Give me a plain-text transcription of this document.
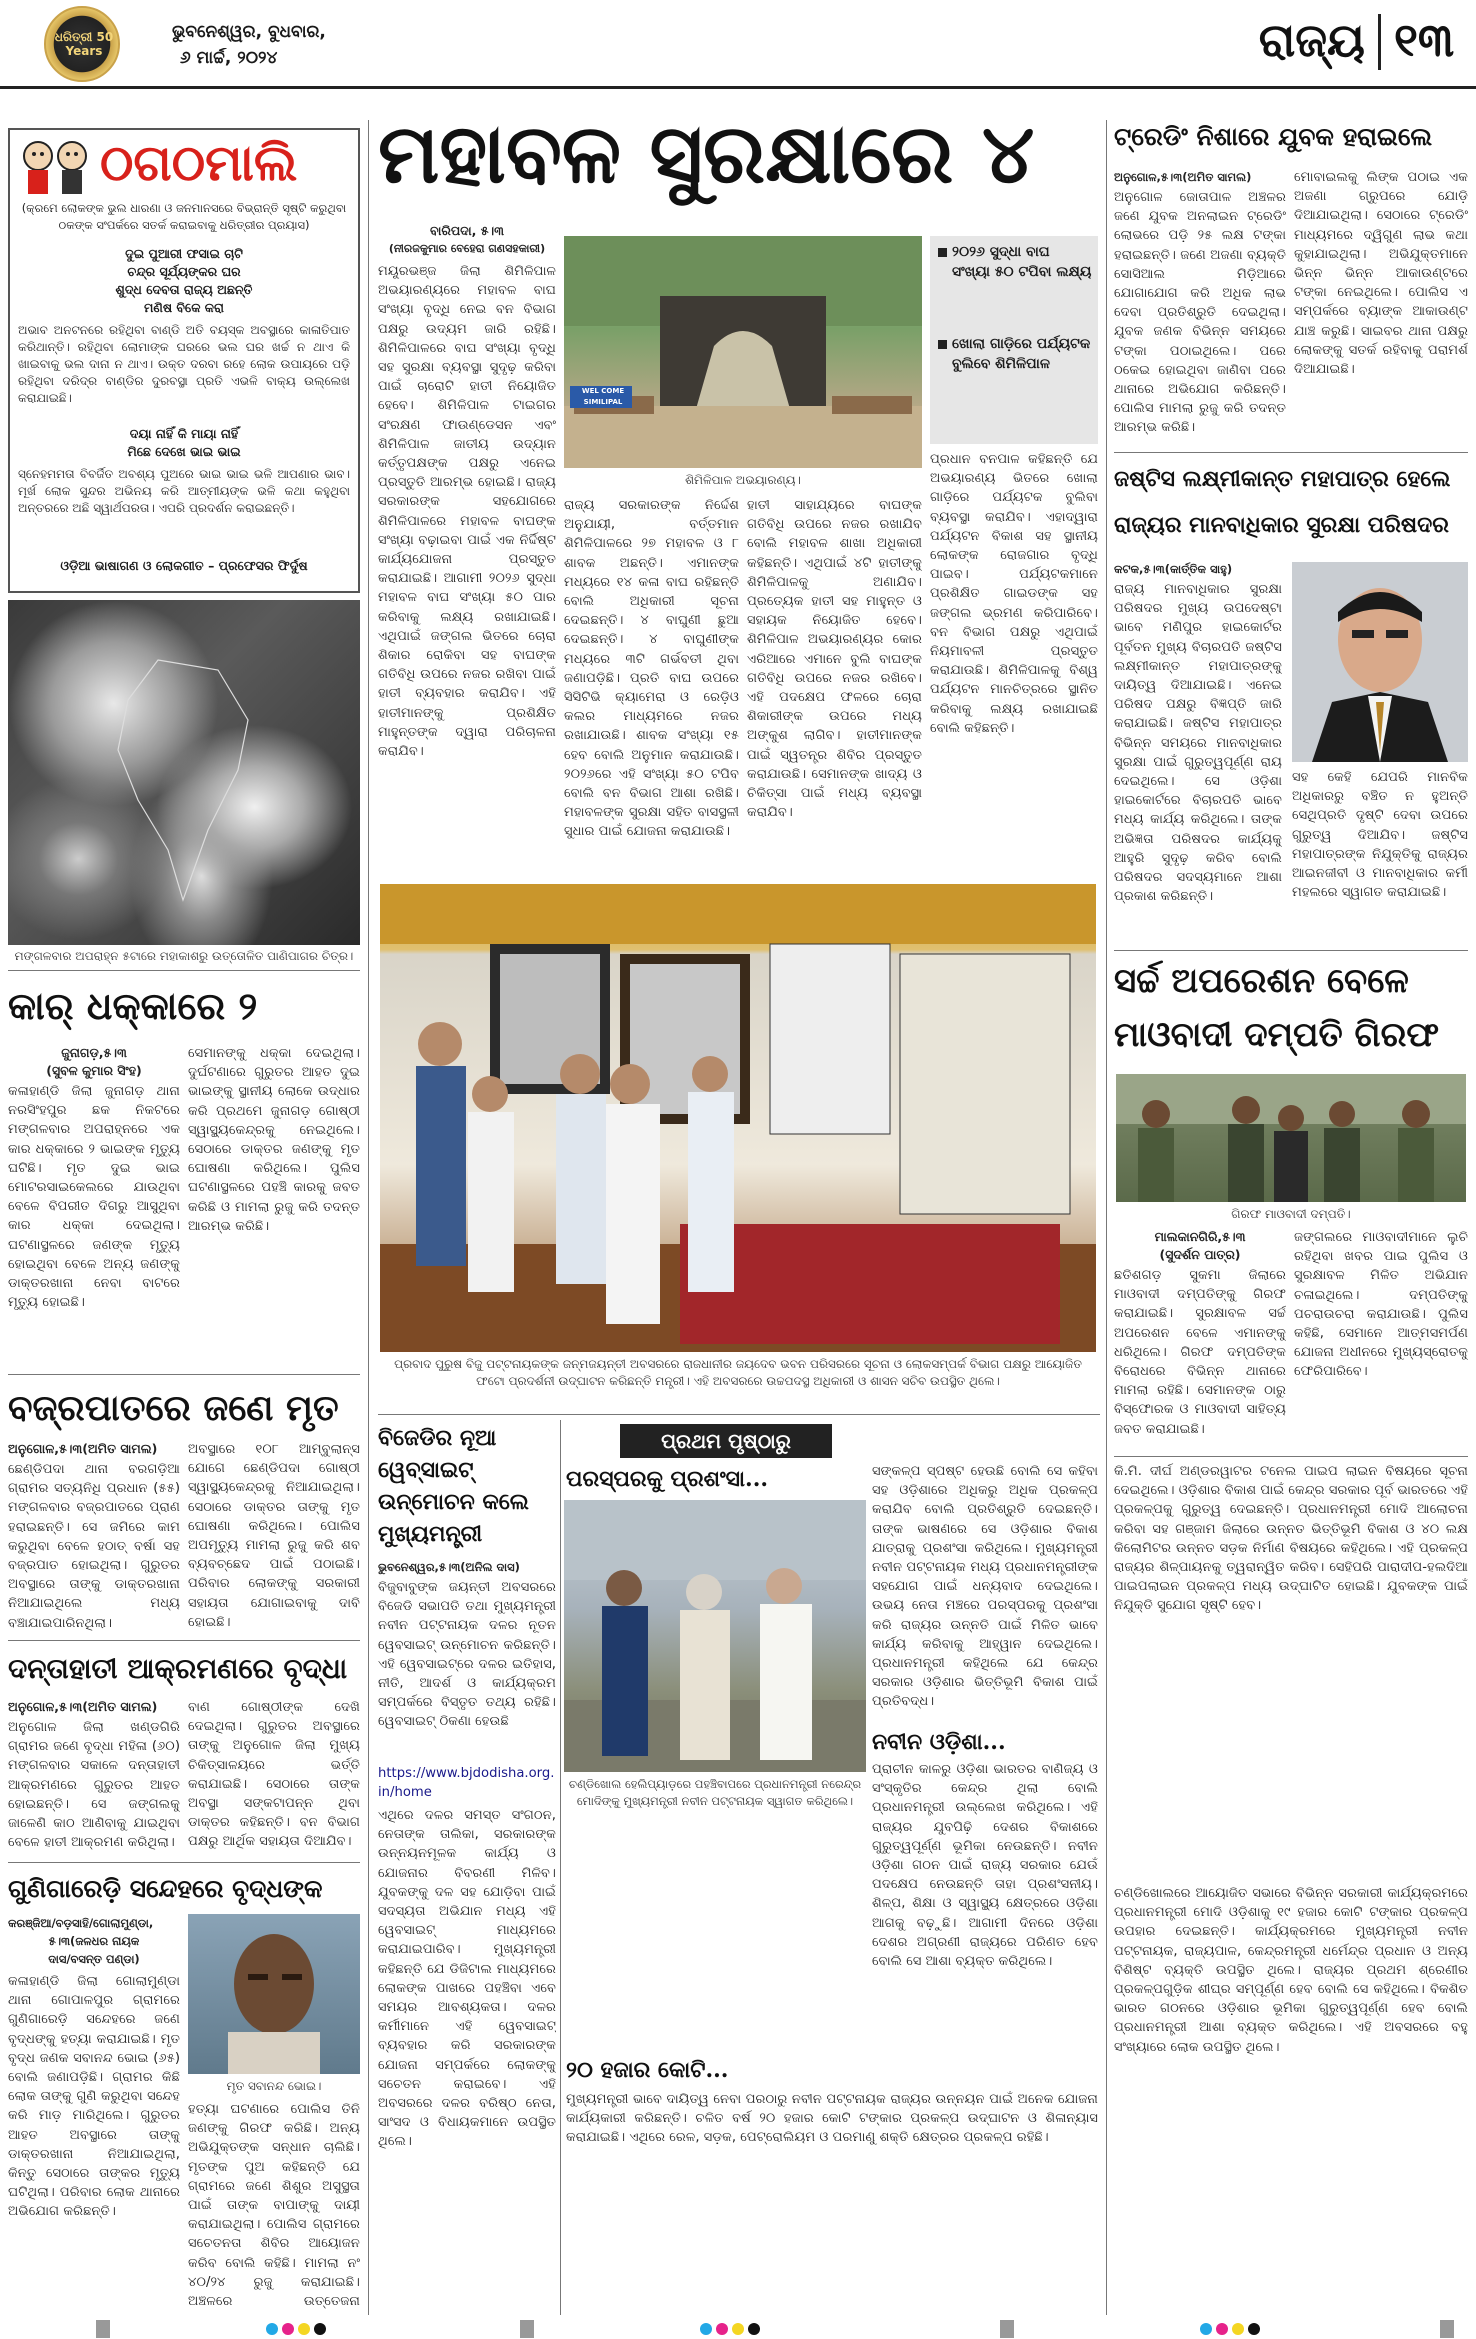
ଧରିତ୍ରୀ 50 Years
ଭୁବନେଶ୍ୱର, ବୁଧବାର,
୬ ମାର୍ଚ୍ଚ, ୨୦୨୪	ରାଜ୍ୟ ୧୩
ଠଗଠମାଲି
(କ୍ରମେ ଲୋକଙ୍କ ଭୁଲ ଧାରଣା ଓ ଜନମାନସରେ ବିଭ୍ରାନ୍ତି ସୃଷ୍ଟି କରୁଥିବା ଠକଙ୍କ ସଂପର୍କରେ ସତର୍କ କରାଇବାକୁ ଧରିତ୍ରୀର ପ୍ରୟାସ)
ଦୁଇ ପୁଆରୀ ଫସାଇ ଚାଟି
ଚନ୍ଦ୍ର ସୂର୍ଯ୍ୟଙ୍କର ଘର
ଶୁଦ୍ଧ ଦେବତା ରାଜ୍ୟ ଅଛନ୍ତି
ମଣିଷ ବିକେ କରା
ଅଭାବ ଅନଟନରେ ରହିଥିବା ବାଣ୍ଡି ଅତି ବୟସ୍କ ଅବସ୍ଥାରେ କାଳାତିପାତ କରିଥାନ୍ତି। ରହିଥିବା ଲୋମାଙ୍କ ଘରରେ ଭଲ ଘର ଖର୍ଚ୍ଚ ନ ଥାଏ କି ଖାଇବାକୁ ଭଲ ଦାନା ନ ଥାଏ। ଉକ୍ତ ଦରବା ରହେ ଲୋକ ଉପାୟରେ ପଡ଼ି ରହିଥିବା ଦରିଦ୍ର ବାଣ୍ଡିର ଦୁରବସ୍ଥା ପ୍ରତି ଏଭଳି ବାକ୍ୟ ଉଲ୍ଲେଖ କରାଯାଇଛି।
ଦୟା ନାହିଁ କି ମାୟା ନାହିଁ
ମିଛେ ଦେଖେ ଭାଇ ଭାଇ
ସ୍ନେହମମତା ବିବର୍ଜିତ ଅବଶ୍ୟ ପୁଅରେ ଭାଇ ଭାଇ ଭଳି ଆପଣାର ଭାବ। ମୂର୍ଖ ଲୋକ ସୁନ୍ଦର ଅଭିନୟ କରି ଆତ୍ମୀୟଙ୍କ ଭଳି କଥା କହୁଥିବା ଅନ୍ତରରେ ଅଛି ସ୍ୱାର୍ଥପରତା। ଏପରି ପ୍ରଦର୍ଶନ କରାଇଛନ୍ତି।
ଓଡ଼ିଆ ଭାଷାଗଣ ଓ ଲୋକଗୀତ – ପ୍ରଫେସର ଫିର୍ଦୁଷ
ମଙ୍ଗଳବାର ଅପରାହ୍ନ ୫ଟାରେ ମହାକାଶରୁ ଉତ୍ତୋଳିତ ପାଣିପାଗର ଚିତ୍ର।
କାର୍ ଧକ୍କାରେ ୨
ଜୁନାଗଡ଼,୫।୩
(ସୁବଳ କୁମାର ସିଂହ)
କଳାହାଣ୍ଡି ଜିଲା ଜୁନାଗଡ଼ ଥାନା ନରସିଂହପୁର ଛକ ନିକଟରେ ମଙ୍ଗଳବାର ଅପରାହ୍ନରେ ଏକ କାର ଧକ୍କାରେ ୨ ଭାଇଙ୍କ ମୃତ୍ୟୁ ଘଟିଛି। ମୃତ ଦୁଇ ଭାଇ ମୋଟରସାଇକେଲରେ ଯାଉଥିବା ବେଳେ ବିପରୀତ ଦିଗରୁ ଆସୁଥିବା କାର ଧକ୍କା ଦେଇଥିଲା। ଘଟଣାସ୍ଥଳରେ ଜଣଙ୍କ ମୃତ୍ୟୁ ହୋଇଥିବା ବେଳେ ଅନ୍ୟ ଜଣଙ୍କୁ ଡାକ୍ତରଖାନା ନେବା ବାଟରେ ମୃତ୍ୟୁ ହୋଇଛି।
ସେମାନଙ୍କୁ ଧକ୍କା ଦେଇଥିଲା। ଦୁର୍ଘଟଣାରେ ଗୁରୁତର ଆହତ ଦୁଇ ଭାଇଙ୍କୁ ସ୍ଥାନୀୟ ଲୋକେ ଉଦ୍ଧାର କରି ପ୍ରଥମେ ଜୁନାଗଡ଼ ଗୋଷ୍ଠୀ ସ୍ୱାସ୍ଥ୍ୟକେନ୍ଦ୍ରକୁ ନେଇଥିଲେ। ସେଠାରେ ଡାକ୍ତର ଜଣଙ୍କୁ ମୃତ ଘୋଷଣା କରିଥିଲେ। ପୁଲିସ ଘଟଣାସ୍ଥଳରେ ପହଞ୍ଚି କାରକୁ ଜବତ କରିଛି ଓ ମାମଲା ରୁଜୁ କରି ତଦନ୍ତ ଆରମ୍ଭ କରିଛି।
ବଜ୍ରପାତରେ ଜଣେ ମୃତ
ଅନୁଗୋଳ,୫।୩(ଅମିତ ସାମଲ)
ଛେଣ୍ଡିପଦା ଥାନା ବରଗଡ଼ିଆ ଗ୍ରାମର ସତ୍ୟନିଧି ପ୍ରଧାନ (୫୫) ମଙ୍ଗଳବାର ବଜ୍ରପାତରେ ପ୍ରାଣ ହରାଇଛନ୍ତି। ସେ ଜମିରେ କାମ କରୁଥିବା ବେଳେ ହଠାତ୍ ବର୍ଷା ସହ ବଜ୍ରପାତ ହୋଇଥିଲା। ଗୁରୁତର ଅବସ୍ଥାରେ ତାଙ୍କୁ ଡାକ୍ତରଖାନା ନିଆଯାଇଥିଲେ ମଧ୍ୟ ବଞ୍ଚାଯାଇପାରିନଥିଲା।
ଅବସ୍ଥାରେ ୧୦୮ ଆମ୍ବୁଲାନ୍ସ ଯୋଗେ ଛେଣ୍ଡିପଦା ଗୋଷ୍ଠୀ ସ୍ୱାସ୍ଥ୍ୟକେନ୍ଦ୍ରକୁ ନିଆଯାଇଥିଲା। ସେଠାରେ ଡାକ୍ତର ତାଙ୍କୁ ମୃତ ଘୋଷଣା କରିଥିଲେ। ପୋଲିସ ଅପମୃତ୍ୟୁ ମାମଲା ରୁଜୁ କରି ଶବ ବ୍ୟବଚ୍ଛେଦ ପାଇଁ ପଠାଇଛି। ପରିବାର ଲୋକଙ୍କୁ ସରକାରୀ ସହାୟତା ଯୋଗାଇବାକୁ ଦାବି ହୋଇଛି।
ଦନ୍ତାହାତୀ ଆକ୍ରମଣରେ ବୃଦ୍ଧା
ଅନୁଗୋଳ,୫।୩(ଅମିତ ସାମଲ)
ଅନୁଗୋଳ ଜିଲା ଖଣ୍ଡଗିରି ଗ୍ରାମର ଜଣେ ବୃଦ୍ଧା ମହିଳା (୬୦) ମଙ୍ଗଳବାର ସକାଳେ ଦନ୍ତାହାତୀ ଆକ୍ରମଣରେ ଗୁରୁତର ଆହତ ହୋଇଛନ୍ତି। ସେ ଜଙ୍ଗଲକୁ ଜାଳେଣି କାଠ ଆଣିବାକୁ ଯାଇଥିବା ବେଳେ ହାତୀ ଆକ୍ରମଣ କରିଥିଲା।
ବାଣ ଗୋଷ୍ଠୀଙ୍କ ଦେଖି ଦେଇଥିଲା। ଗୁରୁତର ଅବସ୍ଥାରେ ତାଙ୍କୁ ଅନୁଗୋଳ ଜିଲା ମୁଖ୍ୟ ଚିକିତ୍ସାଳୟରେ ଭର୍ତ୍ତି କରାଯାଇଛି। ସେଠାରେ ତାଙ୍କ ଅବସ୍ଥା ସଙ୍କଟାପନ୍ନ ଥିବା ଡାକ୍ତର କହିଛନ୍ତି। ବନ ବିଭାଗ ପକ୍ଷରୁ ଆର୍ଥିକ ସହାୟତା ଦିଆଯିବ।
ଗୁଣିଗାରେଡ଼ି ସନ୍ଦେହରେ ବୃଦ୍ଧଙ୍କ
କରଞ୍ଜିଆ/ବଡ଼ସାହି/ଗୋଲାମୁଣ୍ଡା,
୫।୩(ଜଳଧର ନାୟକ
ଦାସ/ବସନ୍ତ ପଣ୍ଡା)
କଳାହାଣ୍ଡି ଜିଲା ଗୋଲାମୁଣ୍ଡା ଥାନା ଗୋପାଳପୁର ଗ୍ରାମରେ ଗୁଣିଗାରେଡ଼ି ସନ୍ଦେହରେ ଜଣେ ବୃଦ୍ଧଙ୍କୁ ହତ୍ୟା କରାଯାଇଛି। ମୃତ ବୃଦ୍ଧ ଜଣକ ସବାନନ୍ଦ ଭୋଇ (୬୫) ବୋଲି ଜଣାପଡ଼ିଛି। ଗ୍ରାମର କିଛି ଲୋକ ତାଙ୍କୁ ଗୁଣି କରୁଥିବା ସନ୍ଦେହ କରି ମାଡ଼ ମାରିଥିଲେ। ଗୁରୁତର ଆହତ ଅବସ୍ଥାରେ ତାଙ୍କୁ ଡାକ୍ତରଖାନା ନିଆଯାଇଥିଲା, କିନ୍ତୁ ସେଠାରେ ତାଙ୍କର ମୃତ୍ୟୁ ଘଟିଥିଲା। ପରିବାର ଲୋକ ଥାନାରେ ଅଭିଯୋଗ କରିଛନ୍ତି।
ମୃତ ସବାନନ୍ଦ ଭୋଇ।
ହତ୍ୟା ଘଟଣାରେ ପୋଲିସ ତିନି ଜଣଙ୍କୁ ଗିରଫ କରିଛି। ଅନ୍ୟ ଅଭିଯୁକ୍ତଙ୍କ ସନ୍ଧାନ ଚାଲିଛି। ମୃତଙ୍କ ପୁଅ କହିଛନ୍ତି ଯେ ଗ୍ରାମରେ ଜଣେ ଶିଶୁର ଅସୁସ୍ଥତା ପାଇଁ ତାଙ୍କ ବାପାଙ୍କୁ ଦାୟୀ କରାଯାଇଥିଲା। ପୋଲିସ ଗ୍ରାମରେ ସଚେତନତା ଶିବିର ଆୟୋଜନ କରିବ ବୋଲି କହିଛି। ମାମଲା ନଂ ୪୦/୨୪ ରୁଜୁ କରାଯାଇଛି। ଅଞ୍ଚଳରେ ଉତ୍ତେଜନା
ମହାବଳ ସୁରକ୍ଷାରେ ୪
ବାରିପଦା, ୫।୩
(ନୀରଜକୁମାର ବେହେରା ଗଣସହକାରୀ)
ମୟୂରଭଞ୍ଜ ଜିଲା ଶିମିଳିପାଳ ଅଭୟାରଣ୍ୟରେ ମହାବଳ ବାଘ ସଂଖ୍ୟା ବୃଦ୍ଧି ନେଇ ବନ ବିଭାଗ ପକ୍ଷରୁ ଉଦ୍ୟମ ଜାରି ରହିଛି। ଶିମିଳିପାଳରେ ବାଘ ସଂଖ୍ୟା ବୃଦ୍ଧି ସହ ସୁରକ୍ଷା ବ୍ୟବସ୍ଥା ସୁଦୃଢ଼ କରିବା ପାଇଁ ଚାରୋଟି ହାତୀ ନିୟୋଜିତ ହେବେ। ଶିମିଳିପାଳ ଟାଇଗର ସଂରକ୍ଷଣ ଫାଉଣ୍ଡେସନ ଏବଂ ଶିମିଳିପାଳ ଜାତୀୟ ଉଦ୍ୟାନ କର୍ତ୍ତୃପକ୍ଷଙ୍କ ପକ୍ଷରୁ ଏନେଇ ପ୍ରସ୍ତୁତି ଆରମ୍ଭ ହୋଇଛି। ରାଜ୍ୟ ସରକାରଙ୍କ ସହଯୋଗରେ ଶିମିଳିପାଳରେ ମହାବଳ ବାଘଙ୍କ ସଂଖ୍ୟା ବଢ଼ାଇବା ପାଇଁ ଏକ ନିର୍ଦ୍ଦିଷ୍ଟ କାର୍ଯ୍ୟଯୋଜନା ପ୍ରସ୍ତୁତ କରାଯାଇଛି। ଆଗାମୀ ୨୦୨୬ ସୁଦ୍ଧା ମହାବଳ ବାଘ ସଂଖ୍ୟା ୫୦ ପାର କରିବାକୁ ଲକ୍ଷ୍ୟ ରଖାଯାଇଛି। ଏଥିପାଇଁ ଜଙ୍ଗଲ ଭିତରେ ଚୋରା ଶିକାର ରୋକିବା ସହ ବାଘଙ୍କ ଗତିବିଧି ଉପରେ ନଜର ରଖିବା ପାଇଁ ହାତୀ ବ୍ୟବହାର କରାଯିବ। ଏହି ହାତୀମାନଙ୍କୁ ପ୍ରଶିକ୍ଷିତ ମାହୁନ୍ତଙ୍କ ଦ୍ୱାରା ପରିଚାଳନା କରାଯିବ।
WEL COME SIMILIPAL
ଶିମିଳିପାଳ ଅଭୟାରଣ୍ୟ।
୨୦୨୬ ସୁଦ୍ଧା ବାଘ ସଂଖ୍ୟା ୫୦ ଟପିବା ଲକ୍ଷ୍ୟ
ଖୋଲା ଗାଡ଼ିରେ ପର୍ଯ୍ୟଟକ ବୁଲିବେ ଶିମିଳିପାଳ
ପ୍ରଧାନ ବନପାଳ କହିଛନ୍ତି ଯେ ଅଭୟାରଣ୍ୟ ଭିତରେ ଖୋଲା ଗାଡ଼ିରେ ପର୍ଯ୍ୟଟକ ବୁଲିବା ବ୍ୟବସ୍ଥା କରାଯିବ। ଏହାଦ୍ୱାରା ପର୍ଯ୍ୟଟନ ବିକାଶ ସହ ସ୍ଥାନୀୟ ଲୋକଙ୍କ ରୋଜଗାର ବୃଦ୍ଧି ପାଇବ। ପର୍ଯ୍ୟଟକମାନେ ପ୍ରଶିକ୍ଷିତ ଗାଇଡଙ୍କ ସହ ଜଙ୍ଗଲ ଭ୍ରମଣ କରିପାରିବେ। ବନ ବିଭାଗ ପକ୍ଷରୁ ଏଥିପାଇଁ ନିୟମାବଳୀ ପ୍ରସ୍ତୁତ କରାଯାଉଛି। ଶିମିଳିପାଳକୁ ବିଶ୍ୱ ପର୍ଯ୍ୟଟନ ମାନଚିତ୍ରରେ ସ୍ଥାନିତ କରିବାକୁ ଲକ୍ଷ୍ୟ ରଖାଯାଇଛି ବୋଲି କହିଛନ୍ତି।
ରାଜ୍ୟ ସରକାରଙ୍କ ନିର୍ଦ୍ଦେଶ ଅନୁଯାୟୀ, ବର୍ତ୍ତମାନ ଶିମିଳିପାଳରେ ୨୭ ମହାବଳ ଓ ୮ ଶାବକ ଅଛନ୍ତି। ଏମାନଙ୍କ ମଧ୍ୟରେ ୧୪ କଳା ବାଘ ରହିଛନ୍ତି ବୋଲି ଅଧିକାରୀ ସୂଚନା ଦେଇଛନ୍ତି। ୪ ବାଘୁଣୀ ଛୁଆ ଦେଇଛନ୍ତି। ୪ ବାଘୁଣୀଙ୍କ ମଧ୍ୟରେ ୩ଟି ଗର୍ଭବତୀ ଥିବା ଜଣାପଡ଼ିଛି। ପ୍ରତି ବାଘ ଉପରେ ସିସିଟିଭି କ୍ୟାମେରା ଓ ରେଡ଼ିଓ କଲର ମାଧ୍ୟମରେ ନଜର ରଖାଯାଉଛି। ଶାବକ ସଂଖ୍ୟା ୧୫ ହେବ ବୋଲି ଅନୁମାନ କରାଯାଉଛି। ୨୦୨୬ରେ ଏହି ସଂଖ୍ୟା ୫୦ ଟପିବ ବୋଲି ବନ ବିଭାଗ ଆଶା ରଖିଛି। ମହାବଳଙ୍କ ସୁରକ୍ଷା ସହିତ ବାସସ୍ଥଳୀ ସୁଧାର ପାଇଁ ଯୋଜନା କରାଯାଉଛି।
ହାତୀ ସାହାଯ୍ୟରେ ବାଘଙ୍କ ଗତିବିଧି ଉପରେ ନଜର ରଖାଯିବ ବୋଲି ମହାବଳ ଶାଖା ଅଧିକାରୀ କହିଛନ୍ତି। ଏଥିପାଇଁ ୪ଟି ହାତୀଙ୍କୁ ଶିମିଳିପାଳକୁ ଅଣାଯିବ। ପ୍ରତ୍ୟେକ ହାତୀ ସହ ମାହୁନ୍ତ ଓ ସହାୟକ ନିୟୋଜିତ ହେବେ। ଶିମିଳିପାଳ ଅଭୟାରଣ୍ୟର କୋର ଏରିଆରେ ଏମାନେ ବୁଲି ବାଘଙ୍କ ଗତିବିଧି ଉପରେ ନଜର ରଖିବେ। ଏହି ପଦକ୍ଷେପ ଫଳରେ ଚୋରା ଶିକାରୀଙ୍କ ଉପରେ ମଧ୍ୟ ଅଙ୍କୁଶ ଲାଗିବ। ହାତୀମାନଙ୍କ ପାଇଁ ସ୍ୱତନ୍ତ୍ର ଶିବିର ପ୍ରସ୍ତୁତ କରାଯାଉଛି। ସେମାନଙ୍କ ଖାଦ୍ୟ ଓ ଚିକିତ୍ସା ପାଇଁ ମଧ୍ୟ ବ୍ୟବସ୍ଥା କରାଯିବ।
ପ୍ରବାଦ ପୁରୁଷ ବିଜୁ ପଟ୍ଟନାୟକଙ୍କ ଜନ୍ମଜୟନ୍ତୀ ଅବସରରେ ରାଜଧାନୀର ଜୟଦେବ ଭବନ ପରିସରରେ ସୂଚନା ଓ ଲୋକସମ୍ପର୍କ ବିଭାଗ ପକ୍ଷରୁ ଆୟୋଜିତ ଫଟୋ ପ୍ରଦର୍ଶନୀ ଉଦ୍‌ଘାଟନ କରିଛନ୍ତି ମନ୍ତ୍ରୀ। ଏହି ଅବସରରେ ଉଚ୍ଚପଦସ୍ଥ ଅଧିକାରୀ ଓ ଶାସନ ସଚିବ ଉପସ୍ଥିତ ଥିଲେ।
ବିଜେଡିର ନୂଆ ୱେବ୍‌ସାଇଟ୍ ଉନ୍ମୋଚନ କଲେ ମୁଖ୍ୟମନ୍ତ୍ରୀ
ଭୁବନେଶ୍ୱର,୫।୩(ଅନିଲ ଦାସ)
ବିଜୁବାବୁଙ୍କ ଜୟନ୍ତୀ ଅବସରରେ ବିଜେଡି ସଭାପତି ତଥା ମୁଖ୍ୟମନ୍ତ୍ରୀ ନବୀନ ପଟ୍ଟନାୟକ ଦଳର ନୂତନ ୱେବସାଇଟ୍ ଉନ୍ମୋଚନ କରିଛନ୍ତି। ଏହି ୱେବସାଇଟ୍‌ରେ ଦଳର ଇତିହାସ, ନୀତି, ଆଦର୍ଶ ଓ କାର୍ଯ୍ୟକ୍ରମ ସମ୍ପର୍କରେ ବିସ୍ତୃତ ତଥ୍ୟ ରହିଛି। ୱେବସାଇଟ୍ ଠିକଣା ହେଉଛି
https://www.bjdodisha.org.in/home
ଏଥିରେ ଦଳର ସମସ୍ତ ସଂଗଠନ, ନେତାଙ୍କ ତାଲିକା, ସରକାରଙ୍କ ଉନ୍ନୟନମୂଳକ କାର୍ଯ୍ୟ ଓ ଯୋଜନାର ବିବରଣୀ ମିଳିବ। ଯୁବକଙ୍କୁ ଦଳ ସହ ଯୋଡ଼ିବା ପାଇଁ ସଦସ୍ୟତା ଅଭିଯାନ ମଧ୍ୟ ଏହି ୱେବସାଇଟ୍ ମାଧ୍ୟମରେ କରାଯାଇପାରିବ। ମୁଖ୍ୟମନ୍ତ୍ରୀ କହିଛନ୍ତି ଯେ ଡିଜିଟାଲ ମାଧ୍ୟମରେ ଲୋକଙ୍କ ପାଖରେ ପହଞ୍ଚିବା ଏବେ ସମୟର ଆବଶ୍ୟକତା। ଦଳର କର୍ମୀମାନେ ଏହି ୱେବସାଇଟ୍ ବ୍ୟବହାର କରି ସରକାରଙ୍କ ଯୋଜନା ସମ୍ପର୍କରେ ଲୋକଙ୍କୁ ସଚେତନ କରାଇବେ। ଏହି ଅବସରରେ ଦଳର ବରିଷ୍ଠ ନେତା, ସାଂସଦ ଓ ବିଧାୟକମାନେ ଉପସ୍ଥିତ ଥିଲେ।
ପ୍ରଥମ ପୃଷ୍ଠାରୁ
ପରସ୍ପରକୁ ପ୍ରଶଂସା...
ଚଣ୍ଡିଖୋଲ ହେଲିପ୍ୟାଡ଼ରେ ପହଞ୍ଚିବାପରେ ପ୍ରଧାନମନ୍ତ୍ରୀ ନରେନ୍ଦ୍ର ମୋଦିଙ୍କୁ ମୁଖ୍ୟମନ୍ତ୍ରୀ ନବୀନ ପଟ୍ଟନାୟକ ସ୍ୱାଗତ କରିଥିଲେ।
ସଙ୍କଳ୍ପ ସ୍ପଷ୍ଟ ହେଉଛି ବୋଲି ସେ କହିବା ସହ ଓଡ଼ିଶାରେ ଅଧିକରୁ ଅଧିକ ପ୍ରକଳ୍ପ କରାଯିବ ବୋଲି ପ୍ରତିଶ୍ରୁତି ଦେଇଛନ୍ତି। ତାଙ୍କ ଭାଷଣରେ ସେ ଓଡ଼ିଶାର ବିକାଶ ଯାତ୍ରାକୁ ପ୍ରଶଂସା କରିଥିଲେ। ମୁଖ୍ୟମନ୍ତ୍ରୀ ନବୀନ ପଟ୍ଟନାୟକ ମଧ୍ୟ ପ୍ରଧାନମନ୍ତ୍ରୀଙ୍କ ସହଯୋଗ ପାଇଁ ଧନ୍ୟବାଦ ଦେଇଥିଲେ। ଉଭୟ ନେତା ମଞ୍ଚରେ ପରସ୍ପରକୁ ପ୍ରଶଂସା କରି ରାଜ୍ୟର ଉନ୍ନତି ପାଇଁ ମିଳିତ ଭାବେ କାର୍ଯ୍ୟ କରିବାକୁ ଆହ୍ୱାନ ଦେଇଥିଲେ। ପ୍ରଧାନମନ୍ତ୍ରୀ କହିଥିଲେ ଯେ କେନ୍ଦ୍ର ସରକାର ଓଡ଼ିଶାର ଭିତ୍ତିଭୂମି ବିକାଶ ପାଇଁ ପ୍ରତିବଦ୍ଧ।
ନବୀନ ଓଡ଼ିଶା...
ପ୍ରାଚୀନ କାଳରୁ ଓଡ଼ିଶା ଭାରତର ବାଣିଜ୍ୟ ଓ ସଂସ୍କୃତିର କେନ୍ଦ୍ର ଥିଲା ବୋଲି ପ୍ରଧାନମନ୍ତ୍ରୀ ଉଲ୍ଲେଖ କରିଥିଲେ। ଏହି ରାଜ୍ୟର ଯୁବପିଢ଼ି ଦେଶର ବିକାଶରେ ଗୁରୁତ୍ୱପୂର୍ଣ୍ଣ ଭୂମିକା ନେଉଛନ୍ତି। ନବୀନ ଓଡ଼ିଶା ଗଠନ ପାଇଁ ରାଜ୍ୟ ସରକାର ଯେଉଁ ପଦକ୍ଷେପ ନେଉଛନ୍ତି ତାହା ପ୍ରଶଂସନୀୟ। ଶିଳ୍ପ, ଶିକ୍ଷା ଓ ସ୍ୱାସ୍ଥ୍ୟ କ୍ଷେତ୍ରରେ ଓଡ଼ିଶା ଆଗକୁ ବଢ଼ୁଛି। ଆଗାମୀ ଦିନରେ ଓଡ଼ିଶା ଦେଶର ଅଗ୍ରଣୀ ରାଜ୍ୟରେ ପରିଣତ ହେବ ବୋଲି ସେ ଆଶା ବ୍ୟକ୍ତ କରିଥିଲେ।
୨୦ ହଜାର କୋଟି...
ମୁଖ୍ୟମନ୍ତ୍ରୀ ଭାବେ ଦାୟିତ୍ୱ ନେବା ପରଠାରୁ ନବୀନ ପଟ୍ଟନାୟକ ରାଜ୍ୟର ଉନ୍ନୟନ ପାଇଁ ଅନେକ ଯୋଜନା କାର୍ଯ୍ୟକାରୀ କରିଛନ୍ତି। ଚଳିତ ବର୍ଷ ୨୦ ହଜାର କୋଟି ଟଙ୍କାର ପ୍ରକଳ୍ପ ଉଦ୍‌ଘାଟନ ଓ ଶିଳାନ୍ୟାସ କରାଯାଇଛି। ଏଥିରେ ରେଳ, ସଡ଼କ, ପେଟ୍ରୋଲିୟମ ଓ ପରମାଣୁ ଶକ୍ତି କ୍ଷେତ୍ରର ପ୍ରକଳ୍ପ ରହିଛି।
ଟ୍ରେଡିଂ ନିଶାରେ ଯୁବକ ହରାଇଲେ
ଅନୁଗୋଳ,୫।୩(ଅମିତ ସାମଲ)
ଅନୁଗୋଳ ଜୋତାପାଳ ଅଞ୍ଚଳର ଜଣେ ଯୁବକ ଅନଲାଇନ ଟ୍ରେଡିଂ ଲୋଭରେ ପଡ଼ି ୨୫ ଲକ୍ଷ ଟଙ୍କା ହରାଇଛନ୍ତି। ଜଣେ ଅଜଣା ବ୍ୟକ୍ତି ସୋସିଆଲ ମିଡ଼ିଆରେ ଯୋଗାଯୋଗ କରି ଅଧିକ ଲାଭ ଦେବା ପ୍ରତିଶ୍ରୁତି ଦେଇଥିଲା। ଯୁବକ ଜଣକ ବିଭିନ୍ନ ସମୟରେ ଟଙ୍କା ପଠାଇଥିଲେ। ପରେ ଠକେଇ ହୋଇଥିବା ଜାଣିବା ପରେ ଥାନାରେ ଅଭିଯୋଗ କରିଛନ୍ତି। ପୋଲିସ ମାମଲା ରୁଜୁ କରି ତଦନ୍ତ ଆରମ୍ଭ କରିଛି।
ମୋବାଇଲକୁ ଲିଙ୍କ ପଠାଇ ଏକ ଅଜଣା ଗ୍ରୁପରେ ଯୋଡ଼ି ଦିଆଯାଇଥିଲା। ସେଠାରେ ଟ୍ରେଡିଂ ମାଧ୍ୟମରେ ଦ୍ୱିଗୁଣ ଲାଭ କଥା କୁହାଯାଇଥିଲା। ଅଭିଯୁକ୍ତମାନେ ଭିନ୍ନ ଭିନ୍ନ ଆକାଉଣ୍ଟରେ ଟଙ୍କା ନେଇଥିଲେ। ପୋଲିସ ଏ ସମ୍ପର୍କରେ ବ୍ୟାଙ୍କ ଆକାଉଣ୍ଟ ଯାଞ୍ଚ କରୁଛି। ସାଇବର ଥାନା ପକ୍ଷରୁ ଲୋକଙ୍କୁ ସତର୍କ ରହିବାକୁ ପରାମର୍ଶ ଦିଆଯାଇଛି।
ଜଷ୍ଟିସ ଲକ୍ଷ୍ମୀକାନ୍ତ ମହାପାତ୍ର ହେଲେ ରାଜ୍ୟର ମାନବାଧିକାର ସୁରକ୍ଷା ପରିଷଦର
କଟକ,୫।୩(କାର୍ତ୍ତିକ ସାହୁ)
ରାଜ୍ୟ ମାନବାଧିକାର ସୁରକ୍ଷା ପରିଷଦର ମୁଖ୍ୟ ଉପଦେଷ୍ଟା ଭାବେ ମଣିପୁର ହାଇକୋର୍ଟର ପୂର୍ବତନ ମୁଖ୍ୟ ବିଚାରପତି ଜଷ୍ଟିସ ଲକ୍ଷ୍ମୀକାନ୍ତ ମହାପାତ୍ରଙ୍କୁ ଦାୟିତ୍ୱ ଦିଆଯାଇଛି। ଏନେଇ ପରିଷଦ ପକ୍ଷରୁ ବିଜ୍ଞପ୍ତି ଜାରି କରାଯାଇଛି। ଜଷ୍ଟିସ ମହାପାତ୍ର ବିଭିନ୍ନ ସମୟରେ ମାନବାଧିକାର ସୁରକ୍ଷା ପାଇଁ ଗୁରୁତ୍ୱପୂର୍ଣ୍ଣ ରାୟ ଦେଇଥିଲେ। ସେ ଓଡ଼ିଶା ହାଇକୋର୍ଟରେ ବିଚାରପତି ଭାବେ ମଧ୍ୟ କାର୍ଯ୍ୟ କରିଥିଲେ। ତାଙ୍କ ଅଭିଜ୍ଞତା ପରିଷଦର କାର୍ଯ୍ୟକୁ ଆହୁରି ସୁଦୃଢ଼ କରିବ ବୋଲି ପରିଷଦର ସଦସ୍ୟମାନେ ଆଶା ପ୍ରକାଶ କରିଛନ୍ତି।
ସହ କେହି ଯେପରି ମାନବିକ ଅଧିକାରରୁ ବଞ୍ଚିତ ନ ହୁଅନ୍ତି ସେଥିପ୍ରତି ଦୃଷ୍ଟି ଦେବା ଉପରେ ଗୁରୁତ୍ୱ ଦିଆଯିବ। ଜଷ୍ଟିସ ମହାପାତ୍ରଙ୍କ ନିଯୁକ୍ତିକୁ ରାଜ୍ୟର ଆଇନଜୀବୀ ଓ ମାନବାଧିକାର କର୍ମୀ ମହଲରେ ସ୍ୱାଗତ କରାଯାଇଛି।
ସର୍ଚ୍ଚ ଅପରେଶନ ବେଳେ ମାଓବାଦୀ ଦମ୍ପତି ଗିରଫ
ଗିରଫ ମାଓବାଦୀ ଦମ୍ପତି।
ମାଲକାନଗିରି,୫।୩
(ସୁଦର୍ଶନ ପାତ୍ର)
ଛତିଶଗଡ଼ ସୁକମା ଜିଲାରେ ମାଓବାଦୀ ଦମ୍ପତିଙ୍କୁ ଗିରଫ କରାଯାଇଛି। ସୁରକ୍ଷାବଳ ସର୍ଚ୍ଚ ଅପରେଶନ ବେଳେ ଏମାନଙ୍କୁ ଧରିଥିଲେ। ଗିରଫ ଦମ୍ପତିଙ୍କ ବିରୋଧରେ ବିଭିନ୍ନ ଥାନାରେ ମାମଲା ରହିଛି। ସେମାନଙ୍କ ଠାରୁ ବିସ୍ଫୋରକ ଓ ମାଓବାଦୀ ସାହିତ୍ୟ ଜବତ କରାଯାଇଛି।
ଜଙ୍ଗଲରେ ମାଓବାଦୀମାନେ ଲୁଚି ରହିଥିବା ଖବର ପାଇ ପୁଲିସ ଓ ସୁରକ୍ଷାବଳ ମିଳିତ ଅଭିଯାନ ଚଳାଇଥିଲେ। ଦମ୍ପତିଙ୍କୁ ପଚରାଉଚରା କରାଯାଉଛି। ପୁଲିସ କହିଛି, ସେମାନେ ଆତ୍ମସମର୍ପଣ ଯୋଜନା ଅଧୀନରେ ମୁଖ୍ୟସ୍ରୋତକୁ ଫେରିପାରିବେ।
କି.ମି. ଦୀର୍ଘ ଅଣ୍ଡରୱାଟର ଟନେଲ ପାଇପ ଲାଇନ ବିଷୟରେ ସୂଚନା ଦେଇଥିଲେ। ଓଡ଼ିଶାର ବିକାଶ ପାଇଁ କେନ୍ଦ୍ର ସରକାର ପୂର୍ବ ଭାରତରେ ଏହି ପ୍ରକଳ୍ପକୁ ଗୁରୁତ୍ୱ ଦେଇଛନ୍ତି। ପ୍ରଧାନମନ୍ତ୍ରୀ ମୋଦି ଆଲୋଚନା କରିବା ସହ ଗଞ୍ଜାମ ଜିଲାରେ ଉନ୍ନତ ଭିତ୍ତିଭୂମି ବିକାଶ ଓ ୪୦ ଲକ୍ଷ କିଲୋମିଟର ଉନ୍ନତ ସଡ଼କ ନିର୍ମାଣ ବିଷୟରେ କହିଥିଲେ। ଏହି ପ୍ରକଳ୍ପ ରାଜ୍ୟର ଶିଳ୍ପାୟନକୁ ତ୍ୱରାନ୍ୱିତ କରିବ। ସେହିପରି ପାରାଦୀପ-ହଲଦିଆ ପାଇପଲାଇନ ପ୍ରକଳ୍ପ ମଧ୍ୟ ଉଦ୍‌ଘାଟିତ ହୋଇଛି। ଯୁବକଙ୍କ ପାଇଁ ନିଯୁକ୍ତି ସୁଯୋଗ ସୃଷ୍ଟି ହେବ।
ଚଣ୍ଡିଖୋଲରେ ଆୟୋଜିତ ସଭାରେ ବିଭିନ୍ନ ସରକାରୀ କାର୍ଯ୍ୟକ୍ରମରେ ପ୍ରଧାନମନ୍ତ୍ରୀ ମୋଦି ଓଡ଼ିଶାକୁ ୧୯ ହଜାର କୋଟି ଟଙ୍କାର ପ୍ରକଳ୍ପ ଉପହାର ଦେଇଛନ୍ତି। କାର୍ଯ୍ୟକ୍ରମରେ ମୁଖ୍ୟମନ୍ତ୍ରୀ ନବୀନ ପଟ୍ଟନାୟକ, ରାଜ୍ୟପାଳ, କେନ୍ଦ୍ରମନ୍ତ୍ରୀ ଧର୍ମେନ୍ଦ୍ର ପ୍ରଧାନ ଓ ଅନ୍ୟ ବିଶିଷ୍ଟ ବ୍ୟକ୍ତି ଉପସ୍ଥିତ ଥିଲେ। ରାଜ୍ୟର ପ୍ରଥମ ଶ୍ରେଣୀର ପ୍ରକଳ୍ପଗୁଡ଼ିକ ଶୀଘ୍ର ସମ୍ପୂର୍ଣ୍ଣ ହେବ ବୋଲି ସେ କହିଥିଲେ। ବିକଶିତ ଭାରତ ଗଠନରେ ଓଡ଼ିଶାର ଭୂମିକା ଗୁରୁତ୍ୱପୂର୍ଣ୍ଣ ହେବ ବୋଲି ପ୍ରଧାନମନ୍ତ୍ରୀ ଆଶା ବ୍ୟକ୍ତ କରିଥିଲେ। ଏହି ଅବସରରେ ବହୁ ସଂଖ୍ୟାରେ ଲୋକ ଉପସ୍ଥିତ ଥିଲେ।
